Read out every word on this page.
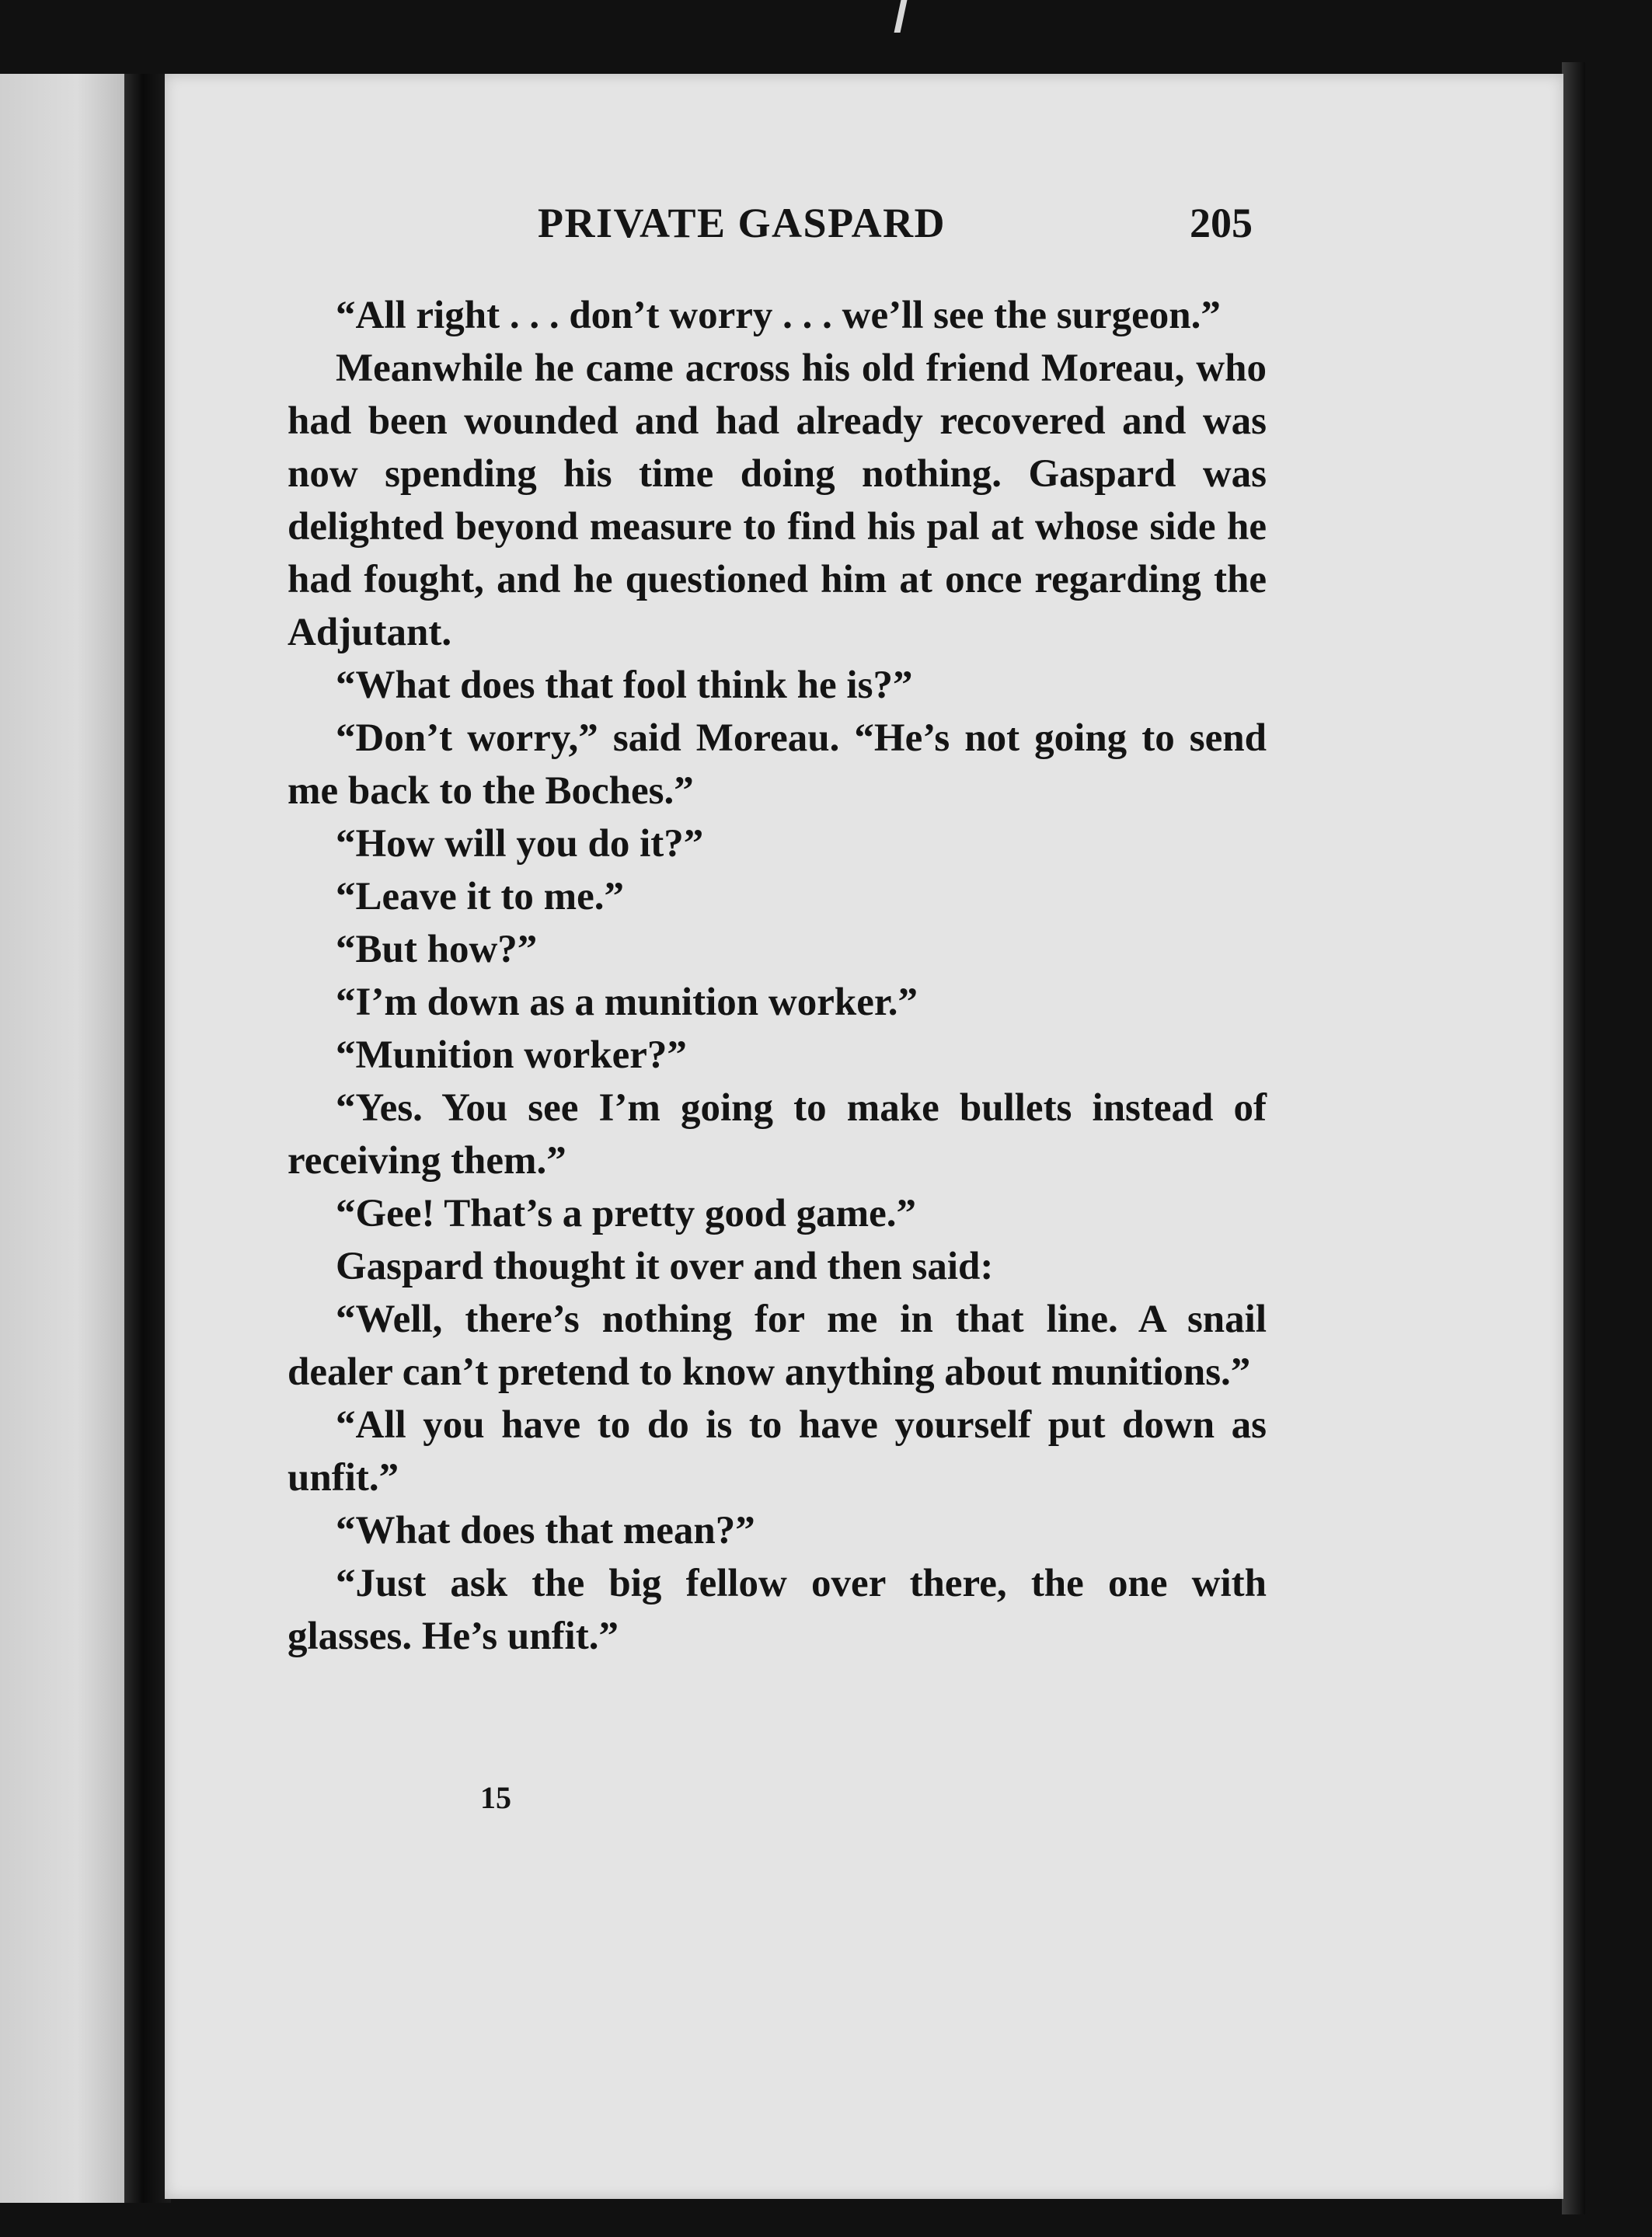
PRIVATE GASPARD	205

“All right . . . don’t worry . . . we’ll see the surgeon.”

Meanwhile he came across his old friend Moreau, who had been wounded and had already recovered and was now spending his time doing nothing. Gaspard was delighted beyond measure to find his pal at whose side he had fought, and he questioned him at once regarding the Adjutant.

“What does that fool think he is?”

“Don’t worry,” said Moreau. “He’s not going to send me back to the Boches.”

“How will you do it?”

“Leave it to me.”

“But how?”

“I’m down as a munition worker.”

“Munition worker?”

“Yes. You see I’m going to make bullets instead of receiving them.”

“Gee! That’s a pretty good game.”

Gaspard thought it over and then said:

“Well, there’s nothing for me in that line. A snail dealer can’t pretend to know anything about munitions.”

“All you have to do is to have yourself put down as unfit.”

“What does that mean?”

“Just ask the big fellow over there, the one with glasses. He’s unfit.”

15
